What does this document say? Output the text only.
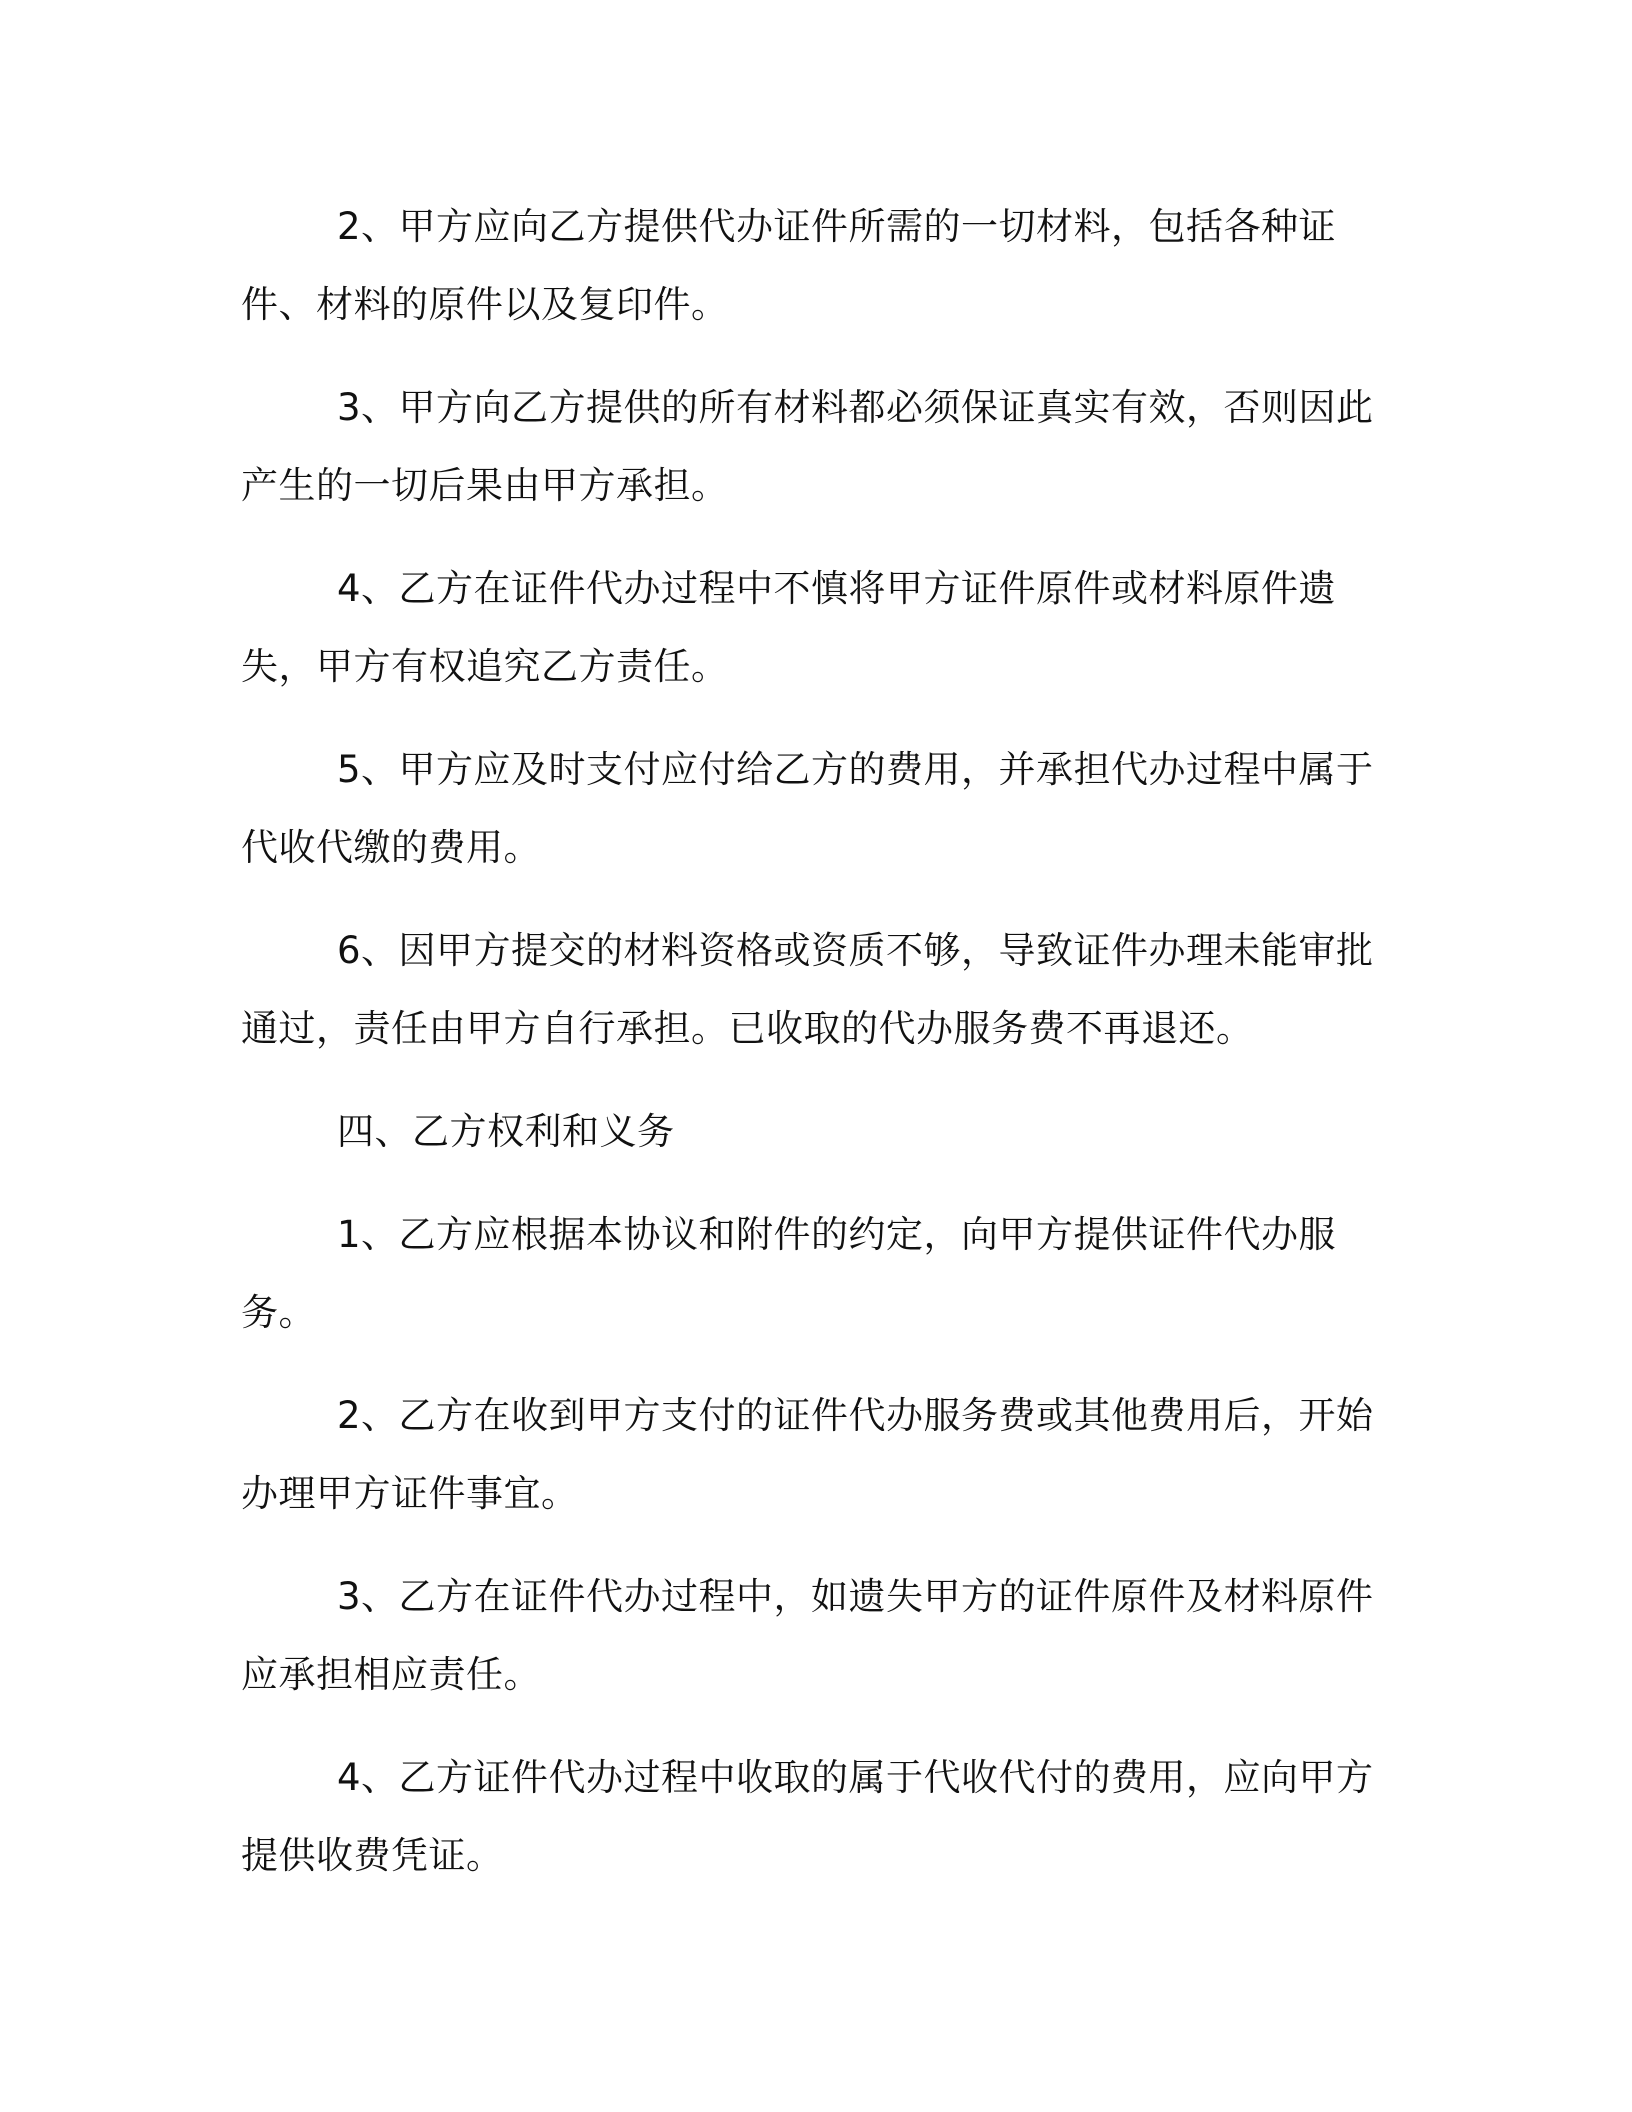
2、甲方应向乙方提供代办证件所需的一切材料，包括各种证件、材料的原件以及复印件。

3、甲方向乙方提供的所有材料都必须保证真实有效，否则因此产生的一切后果由甲方承担。

4、乙方在证件代办过程中不慎将甲方证件原件或材料原件遗失，甲方有权追究乙方责任。

5、甲方应及时支付应付给乙方的费用，并承担代办过程中属于代收代缴的费用。

6、因甲方提交的材料资格或资质不够，导致证件办理未能审批通过，责任由甲方自行承担。已收取的代办服务费不再退还。

四、乙方权利和义务

1、乙方应根据本协议和附件的约定，向甲方提供证件代办服务。

2、乙方在收到甲方支付的证件代办服务费或其他费用后，开始办理甲方证件事宜。

3、乙方在证件代办过程中，如遗失甲方的证件原件及材料原件应承担相应责任。

4、乙方证件代办过程中收取的属于代收代付的费用，应向甲方提供收费凭证。
